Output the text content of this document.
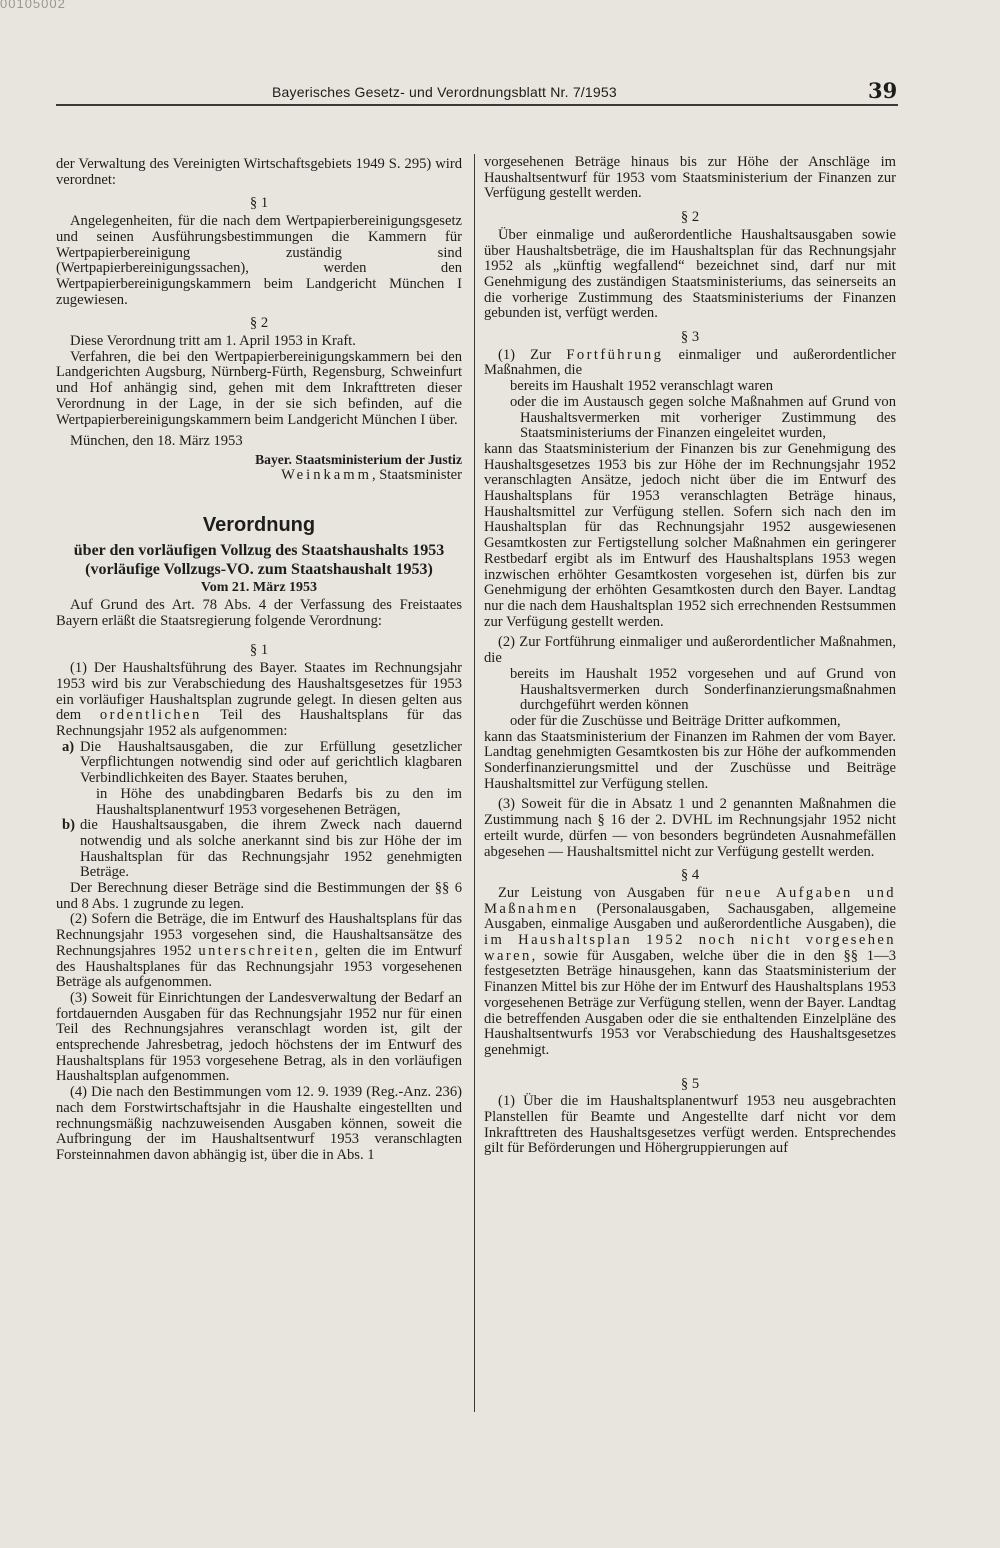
00105002
Bayerisches Gesetz- und Verordnungsblatt Nr. 7/1953	39

der Verwaltung des Vereinigten Wirtschaftsgebiets 1949 S. 295) wird verordnet:

§ 1

Angelegenheiten, für die nach dem Wertpapierbereinigungsgesetz und seinen Ausführungsbestimmungen die Kammern für Wertpapierbereinigung zuständig sind (Wertpapierbereinigungssachen), werden den Wertpapierbereinigungskammern beim Landgericht München I zugewiesen.

§ 2

Diese Verordnung tritt am 1. April 1953 in Kraft.

Verfahren, die bei den Wertpapierbereinigungskammern bei den Landgerichten Augsburg, Nürnberg-Fürth, Regensburg, Schweinfurt und Hof anhängig sind, gehen mit dem Inkrafttreten dieser Verordnung in der Lage, in der sie sich befinden, auf die Wertpapierbereinigungskammern beim Landgericht München I über.

München, den 18. März 1953

Bayer. Staatsministerium der Justiz

Weinkamm, Staatsminister

Verordnung

über den vorläufigen Vollzug des Staatshaushalts 1953 (vorläufige Vollzugs-VO. zum Staatshaushalt 1953)

Vom 21. März 1953

Auf Grund des Art. 78 Abs. 4 der Verfassung des Freistaates Bayern erläßt die Staatsregierung folgende Verordnung:

§ 1

(1) Der Haushaltsführung des Bayer. Staates im Rechnungsjahr 1953 wird bis zur Verabschiedung des Haushaltsgesetzes für 1953 ein vorläufiger Haushaltsplan zugrunde gelegt. In diesen gelten aus dem ordentlichen Teil des Haushaltsplans für das Rechnungsjahr 1952 als aufgenommen:

a) Die Haushaltsausgaben, die zur Erfüllung gesetzlicher Verpflichtungen notwendig sind oder auf gerichtlich klagbaren Verbindlichkeiten des Bayer. Staates beruhen,

in Höhe des unabdingbaren Bedarfs bis zu den im Haushaltsplanentwurf 1953 vorgesehenen Beträgen,

b) die Haushaltsausgaben, die ihrem Zweck nach dauernd notwendig und als solche anerkannt sind bis zur Höhe der im Haushaltsplan für das Rechnungsjahr 1952 genehmigten Beträge.

Der Berechnung dieser Beträge sind die Bestimmungen der §§ 6 und 8 Abs. 1 zugrunde zu legen.

(2) Sofern die Beträge, die im Entwurf des Haushaltsplans für das Rechnungsjahr 1953 vorgesehen sind, die Haushaltsansätze des Rechnungsjahres 1952 unterschreiten, gelten die im Entwurf des Haushaltsplanes für das Rechnungsjahr 1953 vorgesehenen Beträge als aufgenommen.

(3) Soweit für Einrichtungen der Landesverwaltung der Bedarf an fortdauernden Ausgaben für das Rechnungsjahr 1952 nur für einen Teil des Rechnungsjahres veranschlagt worden ist, gilt der entsprechende Jahresbetrag, jedoch höchstens der im Entwurf des Haushaltsplans für 1953 vorgesehene Betrag, als in den vorläufigen Haushaltsplan aufgenommen.

(4) Die nach den Bestimmungen vom 12. 9. 1939 (Reg.-Anz. 236) nach dem Forstwirtschaftsjahr in die Haushalte eingestellten und rechnungsmäßig nachzuweisenden Ausgaben können, soweit die Aufbringung der im Haushaltsentwurf 1953 veranschlagten Forsteinnahmen davon abhängig ist, über die in Abs. 1

vorgesehenen Beträge hinaus bis zur Höhe der Anschläge im Haushaltsentwurf für 1953 vom Staatsministerium der Finanzen zur Verfügung gestellt werden.

§ 2

Über einmalige und außerordentliche Haushaltsausgaben sowie über Haushaltsbeträge, die im Haushaltsplan für das Rechnungsjahr 1952 als „künftig wegfallend“ bezeichnet sind, darf nur mit Genehmigung des zuständigen Staatsministeriums, das seinerseits an die vorherige Zustimmung des Staatsministeriums der Finanzen gebunden ist, verfügt werden.

§ 3

(1) Zur Fortführung einmaliger und außerordentlicher Maßnahmen, die

bereits im Haushalt 1952 veranschlagt waren

oder die im Austausch gegen solche Maßnahmen auf Grund von Haushaltsvermerken mit vorheriger Zustimmung des Staatsministeriums der Finanzen eingeleitet wurden,

kann das Staatsministerium der Finanzen bis zur Genehmigung des Haushaltsgesetzes 1953 bis zur Höhe der im Rechnungsjahr 1952 veranschlagten Ansätze, jedoch nicht über die im Entwurf des Haushaltsplans für 1953 veranschlagten Beträge hinaus, Haushaltsmittel zur Verfügung stellen. Sofern sich nach den im Haushaltsplan für das Rechnungsjahr 1952 ausgewiesenen Gesamtkosten zur Fertigstellung solcher Maßnahmen ein geringerer Restbedarf ergibt als im Entwurf des Haushaltsplans 1953 wegen inzwischen erhöhter Gesamtkosten vorgesehen ist, dürfen bis zur Genehmigung der erhöhten Gesamtkosten durch den Bayer. Landtag nur die nach dem Haushaltsplan 1952 sich errechnenden Restsummen zur Verfügung gestellt werden.

(2) Zur Fortführung einmaliger und außerordentlicher Maßnahmen, die

bereits im Haushalt 1952 vorgesehen und auf Grund von Haushaltsvermerken durch Sonderfinanzierungsmaßnahmen durchgeführt werden können

oder für die Zuschüsse und Beiträge Dritter aufkommen,

kann das Staatsministerium der Finanzen im Rahmen der vom Bayer. Landtag genehmigten Gesamtkosten bis zur Höhe der aufkommenden Sonderfinanzierungsmittel und der Zuschüsse und Beiträge Haushaltsmittel zur Verfügung stellen.

(3) Soweit für die in Absatz 1 und 2 genannten Maßnahmen die Zustimmung nach § 16 der 2. DVHL im Rechnungsjahr 1952 nicht erteilt wurde, dürfen — von besonders begründeten Ausnahmefällen abgesehen — Haushaltsmittel nicht zur Verfügung gestellt werden.

§ 4

Zur Leistung von Ausgaben für neue Aufgaben und Maßnahmen (Personalausgaben, Sachausgaben, allgemeine Ausgaben, einmalige Ausgaben und außerordentliche Ausgaben), die im Haushaltsplan 1952 noch nicht vorgesehen waren, sowie für Ausgaben, welche über die in den §§ 1—3 festgesetzten Beträge hinausgehen, kann das Staatsministerium der Finanzen Mittel bis zur Höhe der im Entwurf des Haushaltsplans 1953 vorgesehenen Beträge zur Verfügung stellen, wenn der Bayer. Landtag die betreffenden Ausgaben oder die sie enthaltenden Einzelpläne des Haushaltsentwurfs 1953 vor Verabschiedung des Haushaltsgesetzes genehmigt.

§ 5

(1) Über die im Haushaltsplanentwurf 1953 neu ausgebrachten Planstellen für Beamte und Angestellte darf nicht vor dem Inkrafttreten des Haushaltsgesetzes verfügt werden. Entsprechendes gilt für Beförderungen und Höhergruppierungen auf
